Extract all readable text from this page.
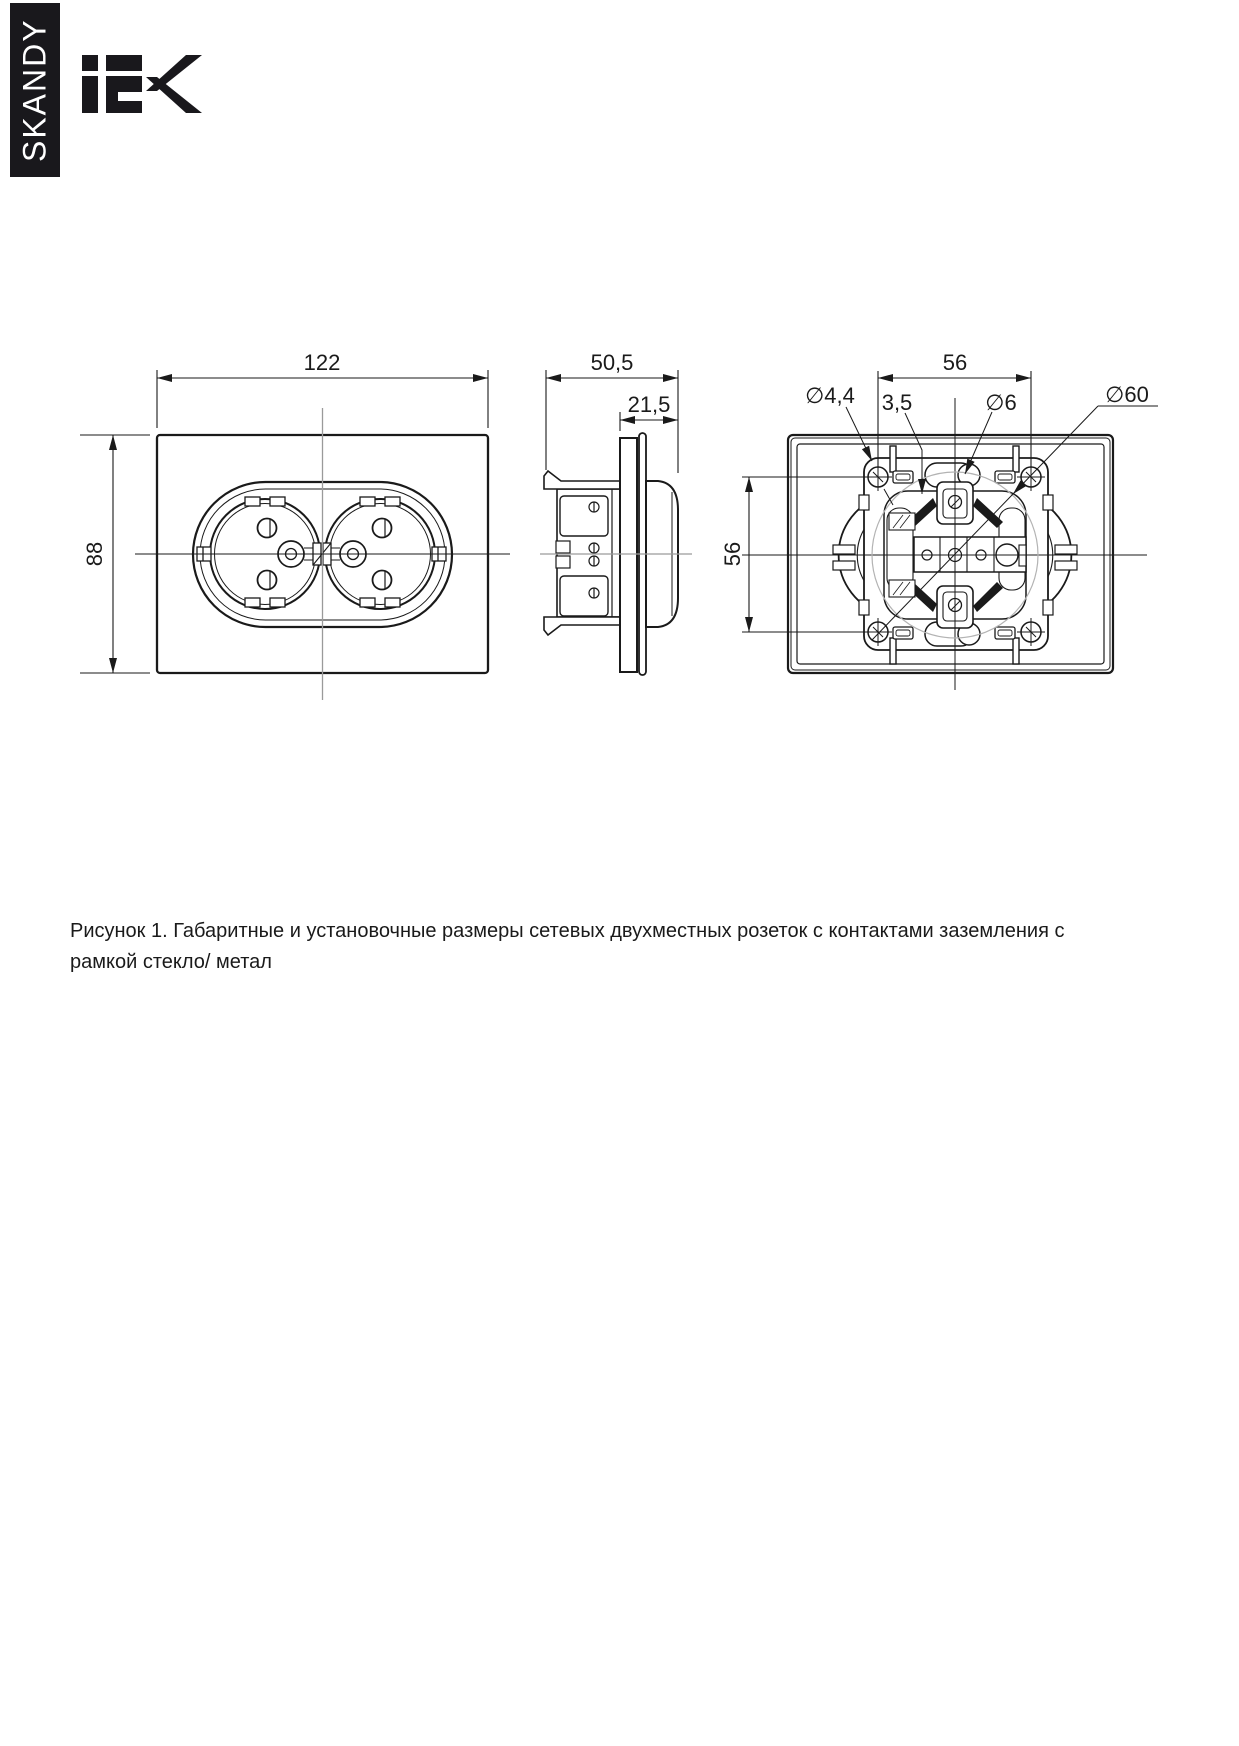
SKANDY
122
88
50,5
21,5
56
56
∅4,4 3,5	∅6	∅60
Рисунок 1. Габаритные и установочные размеры сетевых двухместных розеток с контактами заземления с
рамкой стекло/ метал
